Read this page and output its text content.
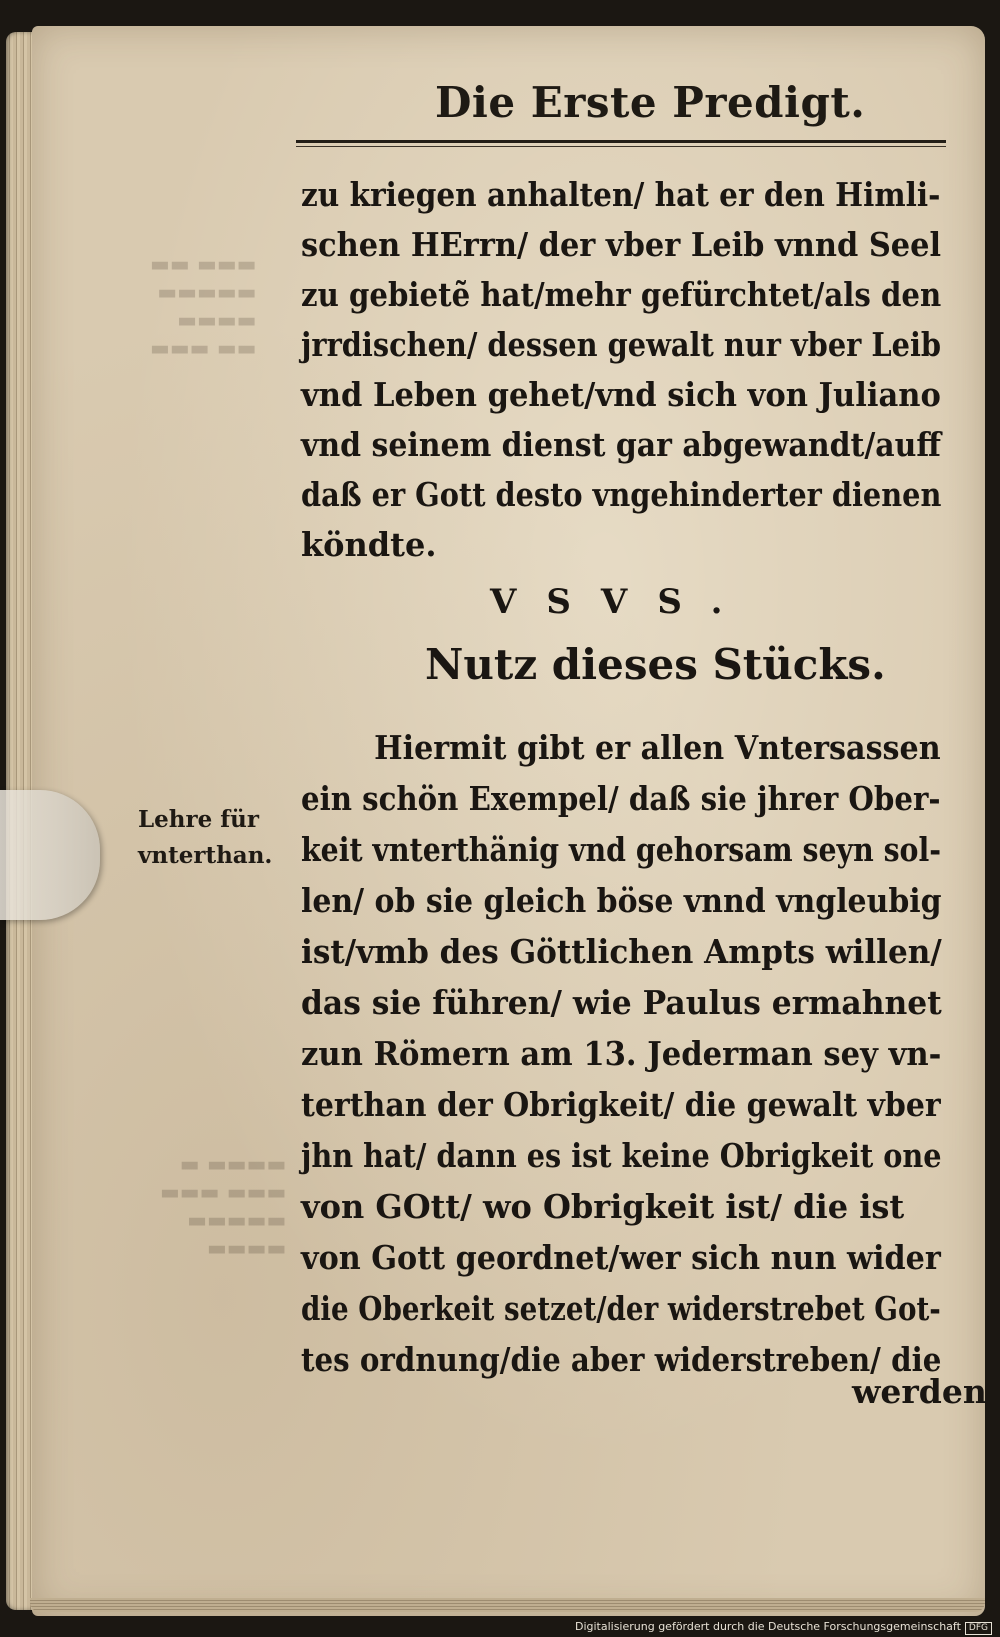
▬▬▬ ▬▬
▬▬▬▬▬
▬▬▬▬
▬▬ ▬▬▬
▬▬▬▬ ▬
▬▬▬ ▬▬▬
▬▬▬▬▬
▬▬▬▬
Die Erste Predigt.
zu kriegen anhalten/ hat er den Himli-
schen HErrn/ der vber Leib vnnd Seel
zu gebietẽ hat/mehr gefürchtet/als den
jrrdischen/ dessen gewalt nur vber Leib
vnd Leben gehet/vnd sich von Juliano
vnd seinem dienst gar abgewandt/auff
daß er Gott desto vngehinderter dienen
köndte.
VSVS.
Nutz dieses Stücks.
Lehre für
vnterthan.
Hiermit gibt er allen Vntersassen
ein schön Exempel/ daß sie jhrer Ober-
keit vnterthänig vnd gehorsam seyn sol-
len/ ob sie gleich böse vnnd vngleubig
ist/vmb des Göttlichen Ampts willen/
das sie führen/ wie Paulus ermahnet
zun Römern am 13. Jederman sey vn-
terthan der Obrigkeit/ die gewalt vber
jhn hat/ dann es ist keine Obrigkeit one
von GOtt/ wo Obrigkeit ist/ die ist
von Gott geordnet/wer sich nun wider
die Oberkeit setzet/der widerstrebet Got-
tes ordnung/die aber widerstreben/ die
werden
Digitalisierung gefördert durch die Deutsche Forschungsgemeinschaft DFG
